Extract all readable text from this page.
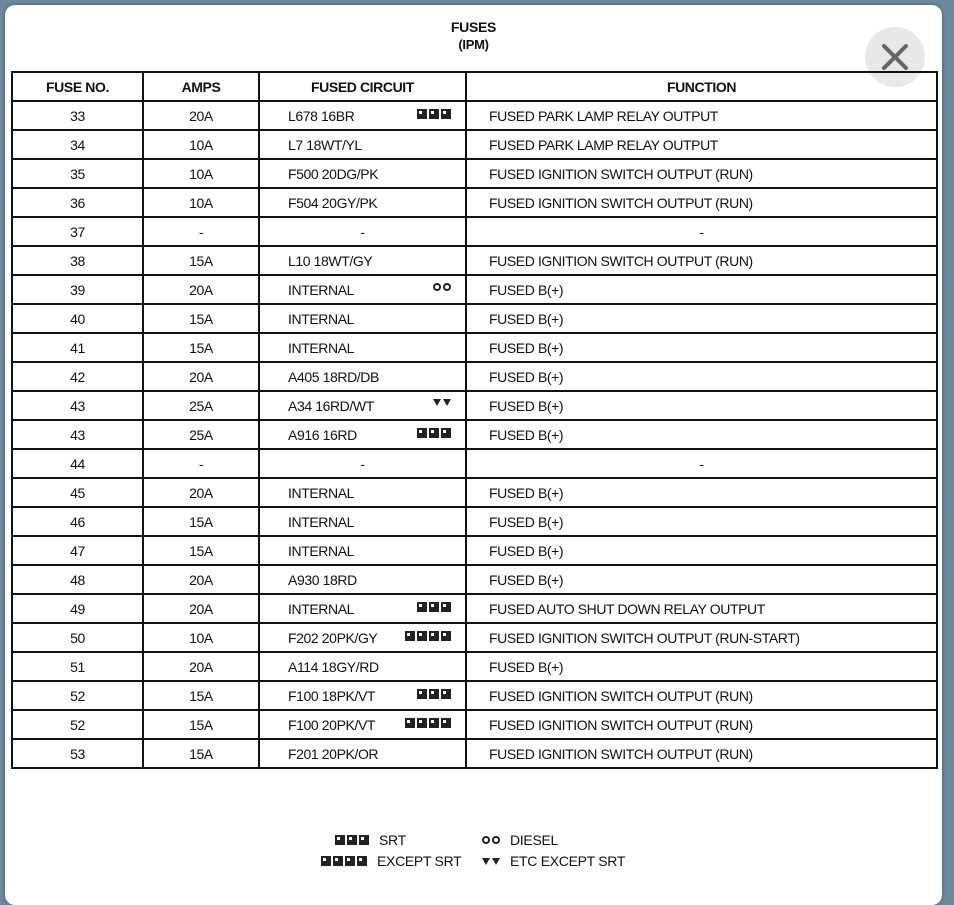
FUSES
(IPM)
FUSE NO.	AMPS	FUSED CIRCUIT	FUNCTION
33	20A	L678 16BR	FUSED PARK LAMP RELAY OUTPUT
34	10A	L7 18WT/YL	FUSED PARK LAMP RELAY OUTPUT
35	10A	F500 20DG/PK	FUSED IGNITION SWITCH OUTPUT (RUN)
36	10A	F504 20GY/PK	FUSED IGNITION SWITCH OUTPUT (RUN)
37	-	-	-
38	15A	L10 18WT/GY	FUSED IGNITION SWITCH OUTPUT (RUN)
39	20A	INTERNAL	FUSED B(+)
40	15A	INTERNAL	FUSED B(+)
41	15A	INTERNAL	FUSED B(+)
42	20A	A405 18RD/DB	FUSED B(+)
43	25A	A34 16RD/WT	FUSED B(+)
43	25A	A916 16RD	FUSED B(+)
44	-	-	-
45	20A	INTERNAL	FUSED B(+)
46	15A	INTERNAL	FUSED B(+)
47	15A	INTERNAL	FUSED B(+)
48	20A	A930 18RD	FUSED B(+)
49	20A	INTERNAL	FUSED AUTO SHUT DOWN RELAY OUTPUT
50	10A	F202 20PK/GY	FUSED IGNITION SWITCH OUTPUT (RUN-START)
51	20A	A114 18GY/RD	FUSED B(+)
52	15A	F100 18PK/VT	FUSED IGNITION SWITCH OUTPUT (RUN)
52	15A	F100 20PK/VT	FUSED IGNITION SWITCH OUTPUT (RUN)
53	15A	F201 20PK/OR	FUSED IGNITION SWITCH OUTPUT (RUN)
SRT
EXCEPT SRT
DIESEL
ETC EXCEPT SRT
